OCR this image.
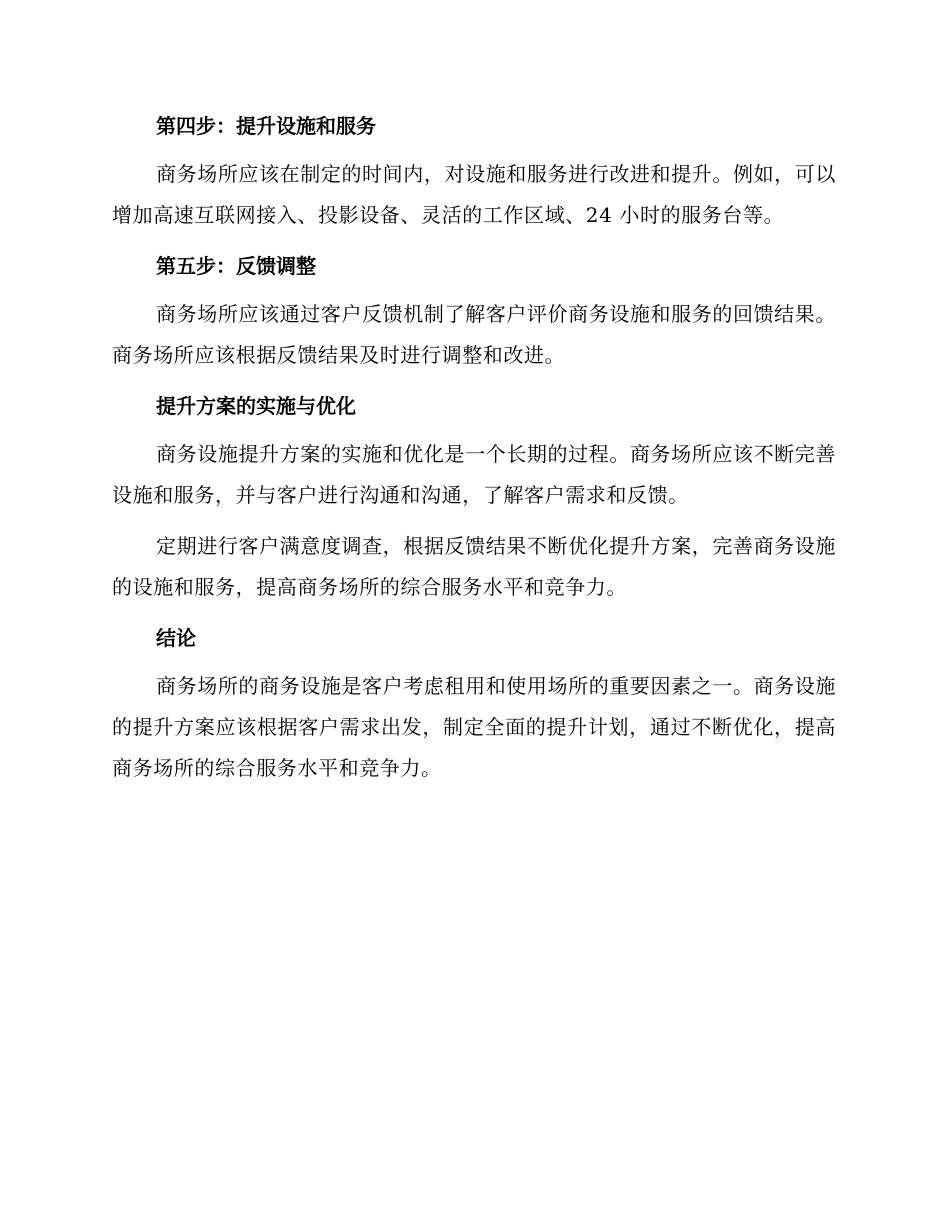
第四步：提升设施和服务

商务场所应该在制定的时间内，对设施和服务进行改进和提升。例如，可以增加高速互联网接入、投影设备、灵活的工作区域、24 小时的服务台等。

第五步：反馈调整

商务场所应该通过客户反馈机制了解客户评价商务设施和服务的回馈结果。商务场所应该根据反馈结果及时进行调整和改进。

提升方案的实施与优化

商务设施提升方案的实施和优化是一个长期的过程。商务场所应该不断完善设施和服务，并与客户进行沟通和沟通，了解客户需求和反馈。

定期进行客户满意度调查，根据反馈结果不断优化提升方案，完善商务设施的设施和服务，提高商务场所的综合服务水平和竞争力。

结论

商务场所的商务设施是客户考虑租用和使用场所的重要因素之一。商务设施的提升方案应该根据客户需求出发，制定全面的提升计划，通过不断优化，提高商务场所的综合服务水平和竞争力。
